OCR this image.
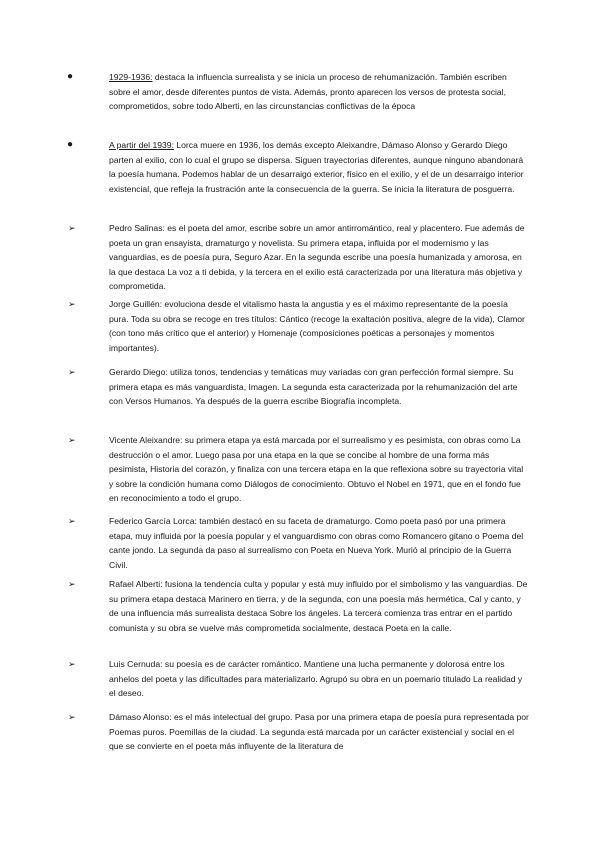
●	1929-1936: destaca la influencia surrealista y se inicia un proceso de rehumanización. También escriben sobre el amor, desde diferentes puntos de vista. Además, pronto aparecen los versos de protesta social, comprometidos, sobre todo Alberti, en las circunstancias conflictivas de la época
●	A partir del 1939: Lorca muere en 1936, los demás excepto Aleixandre, Dámaso Alonso y Gerardo Diego parten al exilio, con lo cual el grupo se dispersa. Siguen trayectorias diferentes, aunque ninguno abandonará la poesía humana. Podemos hablar de un desarraigo exterior, físico en el exilio, y el de un desarraigo interior existencial, que refleja la frustración ante la consecuencia de la guerra. Se inicia la literatura de posguerra.
➢	Pedro Salinas: es el poeta del amor, escribe sobre un amor antirromántico, real y placentero. Fue además de poeta un gran ensayista, dramaturgo y novelista. Su primera etapa, influida por el modernismo y las vanguardias, es de poesía pura, Seguro Azar. En la segunda escribe una poesía humanizada y amorosa, en la que destaca La voz a ti debida, y la tercera en el exilio está caracterizada por una literatura más objetiva y comprometida.
➢	Jorge Guillén: evoluciona desde el vitalismo hasta la angustia y es el máximo representante de la poesía pura. Toda su obra se recoge en tres títulos: Cántico (recoge la exaltación positiva, alegre de la vida), Clamor (con tono más crítico que el anterior) y Homenaje (composiciones poéticas a personajes y momentos importantes).
➢	Gerardo Diego: utiliza tonos, tendencias y temáticas muy variadas con gran perfección formal siempre. Su primera etapa es más vanguardista, Imagen. La segunda esta caracterizada por la rehumanización del arte con Versos Humanos. Ya después de la guerra escribe Biografía incompleta.
➢	Vicente Aleixandre: su primera etapa ya está marcada por el surrealismo y es pesimista, con obras como La destrucción o el amor. Luego pasa por una etapa en la que se concibe al hombre de una forma más pesimista, Historia del corazón, y finaliza con una tercera etapa en la que reflexiona sobre su trayectoria vital y sobre la condición humana como Diálogos de conocimiento. Obtuvo el Nobel en 1971, que en el fondo fue en reconocimiento a todo el grupo.
➢	Federico García Lorca: también destacó en su faceta de dramaturgo. Como poeta pasó por una primera etapa, muy influida por la poesía popular y el vanguardismo con obras como Romancero gitano o Poema del cante jondo. La segunda da paso al surrealismo con Poeta en Nueva York. Murió al principio de la Guerra Civil.
➢	Rafael Alberti: fusiona la tendencia culta y popular y está muy influido por el simbolismo y las vanguardias. De su primera etapa destaca Marinero en tierra, y de la segunda, con una poesía más hermética, Cal y canto, y de una influencia más surrealista destaca Sobre los ángeles. La tercera comienza tras entrar en el partido comunista y su obra se vuelve más comprometida socialmente, destaca Poeta en la calle.
➢	Luis Cernuda: su poesía es de carácter romántico. Mantiene una lucha permanente y dolorosa entre los anhelos del poeta y las dificultades para materializarlo. Agrupó su obra en un poemario titulado La realidad y el deseo.
➢	Dámaso Alonso: es el más intelectual del grupo. Pasa por una primera etapa de poesía pura representada por Poemas puros. Poemillas de la ciudad. La segunda está marcada por un carácter existencial y social en el que se convierte en el poeta más influyente de la literatura de
